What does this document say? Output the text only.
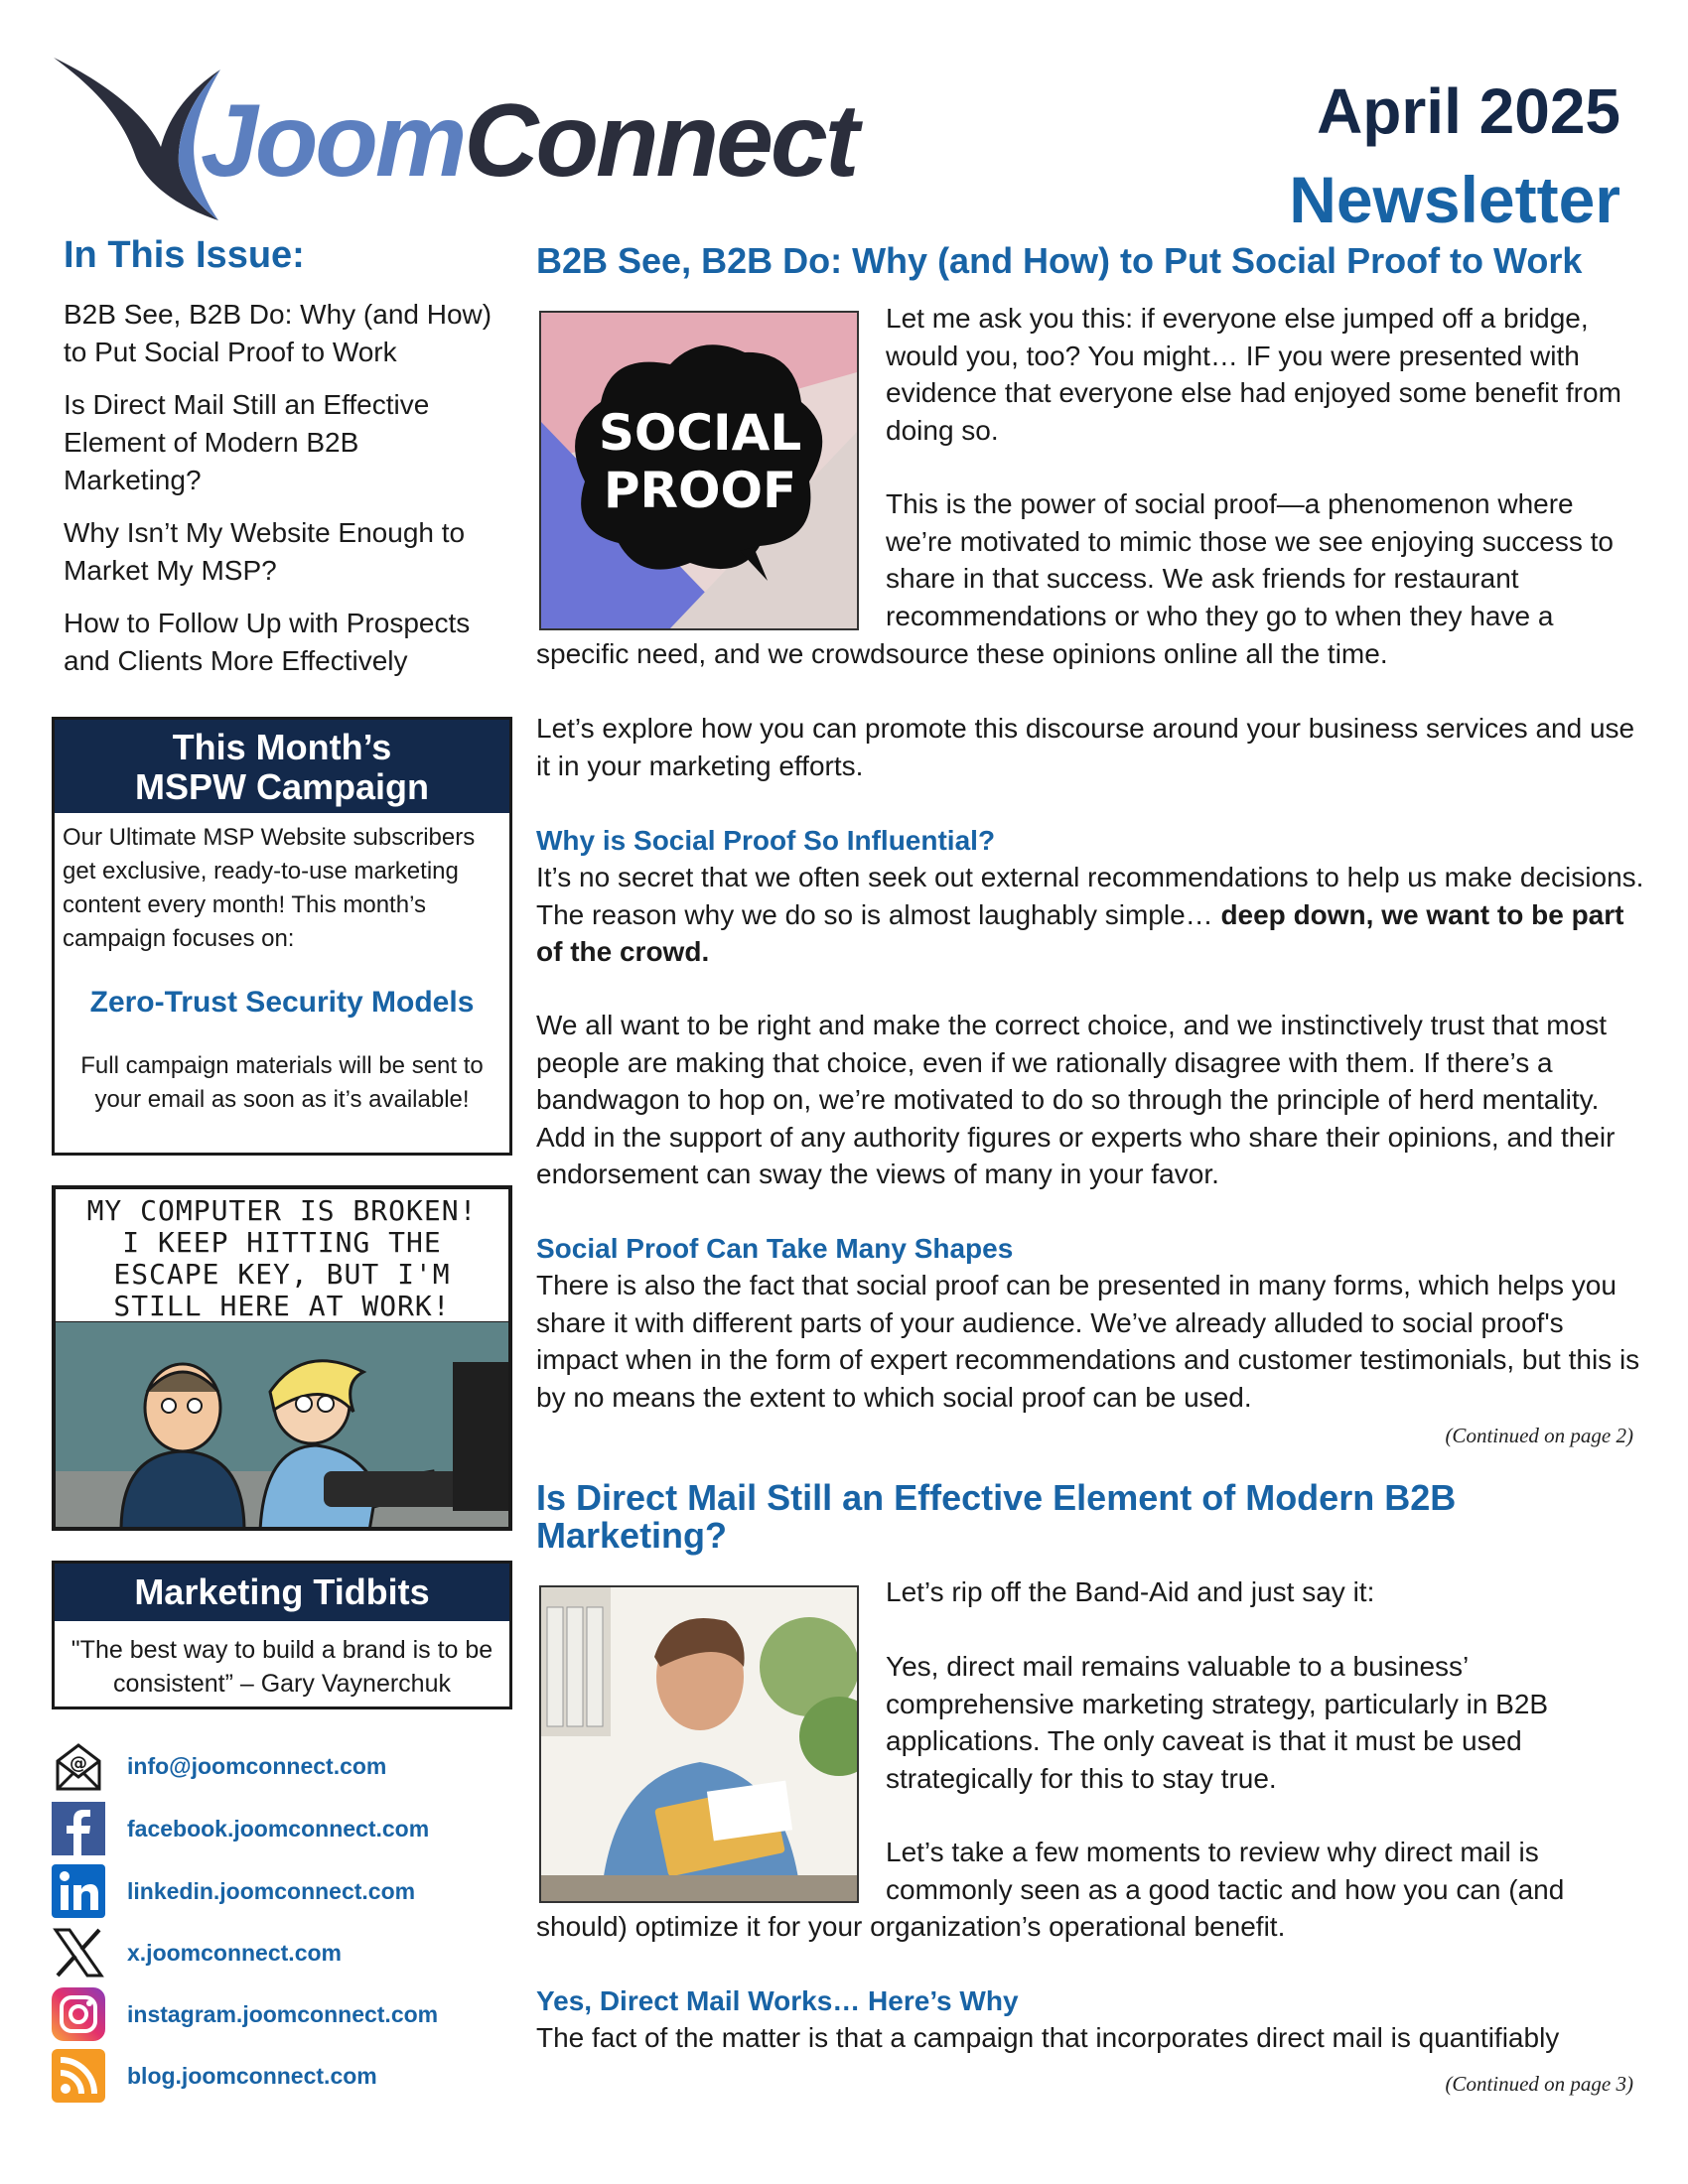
JoomConnect	April 2025
Newsletter
In This Issue:
B2B See, B2B Do: Why (and How) to Put Social Proof to Work
Is Direct Mail Still an Effective Element of Modern B2B Marketing?
Why Isn’t My Website Enough to Market My MSP?
How to Follow Up with Prospects and Clients More Effectively
This Month’s
MSPW Campaign
Our Ultimate MSP Website subscribers get exclusive, ready-to-use marketing content every month! This month’s campaign focuses on:
Zero-Trust Security Models
Full campaign materials will be sent to your email as soon as it’s available!
MY COMPUTER IS BROKEN!
I KEEP HITTING THE
ESCAPE KEY, BUT I'M
STILL HERE AT WORK!
Marketing Tidbits
"The best way to build a brand is to be consistent” – Gary Vaynerchuk
@ info@joomconnect.com
facebook.joomconnect.com
linkedin.joomconnect.com
x.joomconnect.com
instagram.joomconnect.com
blog.joomconnect.com
B2B See, B2B Do: Why (and How) to Put Social Proof to Work
SOCIAL
PROOF
Let me ask you this: if everyone else jumped off a bridge, would you, too? You might… IF you were presented with evidence that everyone else had enjoyed some benefit from doing so.
This is the power of social proof—a phenomenon where we’re motivated to mimic those we see enjoying success to share in that success. We ask friends for restaurant recommendations or who they go to when they have a
specific need, and we crowdsource these opinions online all the time.
Let’s explore how you can promote this discourse around your business services and use it in your marketing efforts.
Why is Social Proof So Influential?
It’s no secret that we often seek out external recommendations to help us make decisions. The reason why we do so is almost laughably simple… deep down, we want to be part of the crowd.
We all want to be right and make the correct choice, and we instinctively trust that most people are making that choice, even if we rationally disagree with them. If there’s a bandwagon to hop on, we’re motivated to do so through the principle of herd mentality. Add in the support of any authority figures or experts who share their opinions, and their endorsement can sway the views of many in your favor.
Social Proof Can Take Many Shapes
There is also the fact that social proof can be presented in many forms, which helps you share it with different parts of your audience. We’ve already alluded to social proof's impact when in the form of expert recommendations and customer testimonials, but this is by no means the extent to which social proof can be used.
(Continued on page 2)
Is Direct Mail Still an Effective Element of Modern B2B Marketing?
Let’s rip off the Band-Aid and just say it:
Yes, direct mail remains valuable to a business’ comprehensive marketing strategy, particularly in B2B applications. The only caveat is that it must be used strategically for this to stay true.
Let’s take a few moments to review why direct mail is commonly seen as a good tactic and how you can (and
should) optimize it for your organization’s operational benefit.
Yes, Direct Mail Works… Here’s Why
The fact of the matter is that a campaign that incorporates direct mail is quantifiably
(Continued on page 3)
